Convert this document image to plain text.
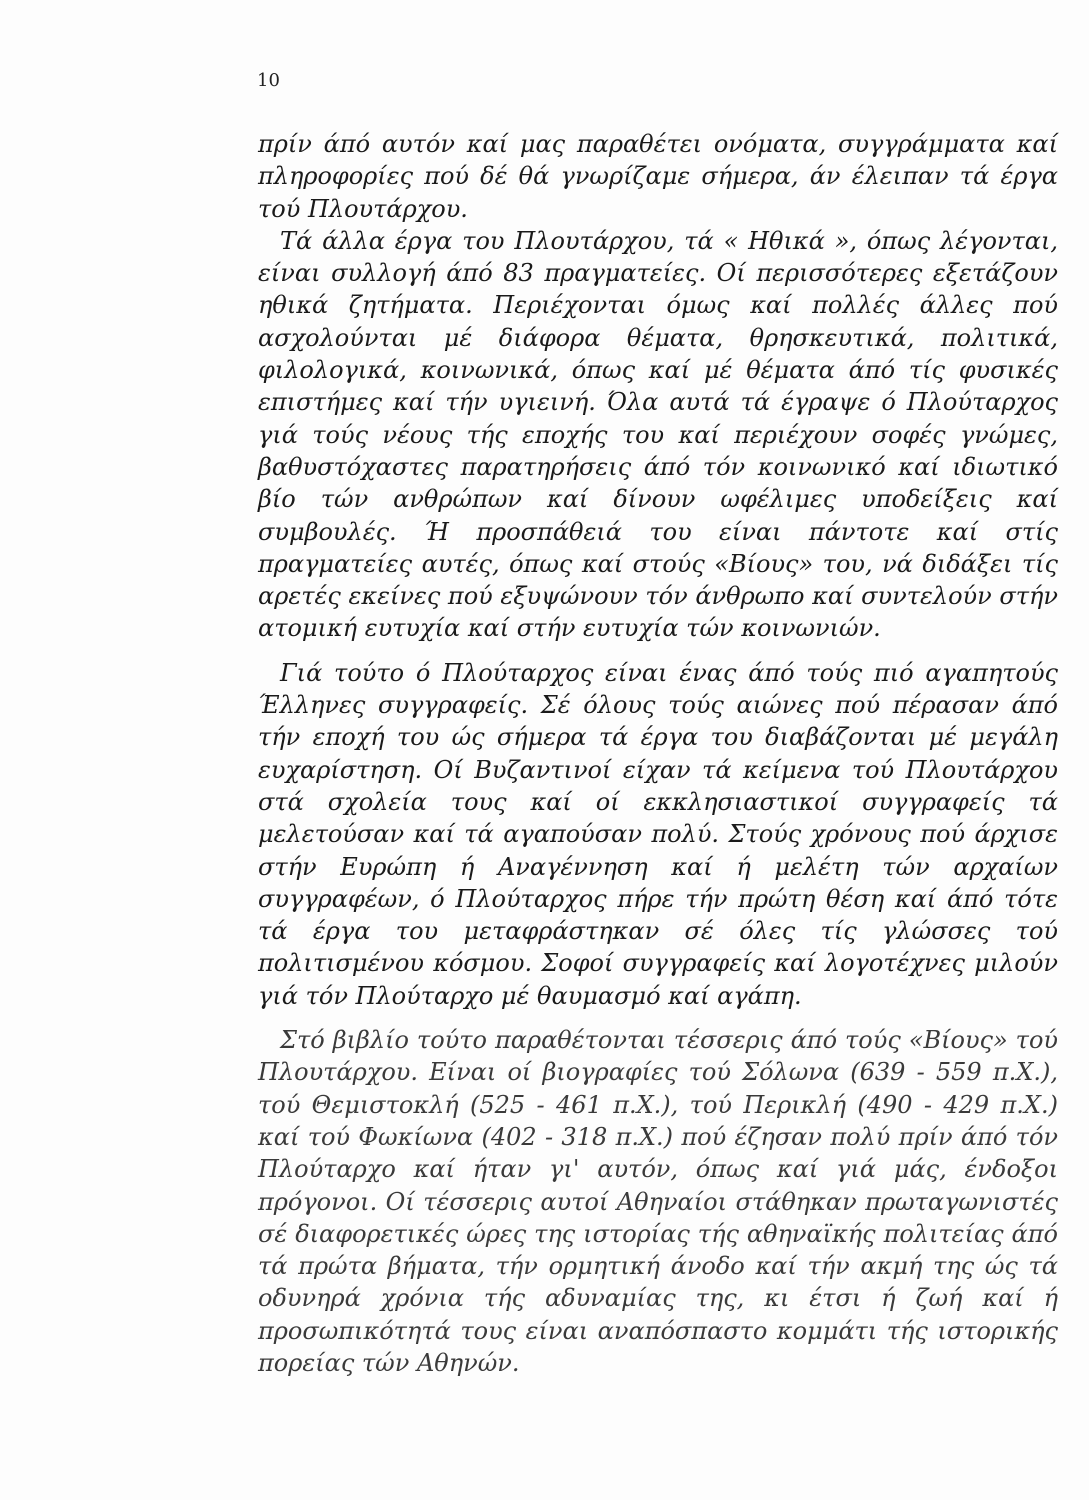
10

πρίν άπό αυτόν καί μας παραθέτει ονόματα, συγγράμματα καί πληροφορίες πού δέ θά γνωρίζαμε σήμερα, άν έλειπαν τά έργα τού Πλουτάρχου.

Τά άλλα έργα του Πλουτάρχου, τά « Ηθικά », όπως λέγονται, είναι συλλογή άπό 83 πραγματείες. Οί περισσότερες εξετάζουν ηθικά ζητήματα. Περιέχονται όμως καί πολλές άλλες πού ασχολούνται μέ διάφορα θέματα, θρησκευτικά, πολιτικά, φιλολογικά, κοινωνικά, όπως καί μέ θέματα άπό τίς φυσικές επιστήμες καί τήν υγιεινή. Όλα αυτά τά έγραψε ό Πλούταρχος γιά τούς νέους τής εποχής του καί περιέχουν σοφές γνώμες, βαθυστόχαστες παρατηρήσεις άπό τόν κοινωνικό καί ιδιωτικό βίο τών ανθρώπων καί δίνουν ωφέλιμες υποδείξεις καί συμβουλές. Ή προσπάθειά του είναι πάντοτε καί στίς πραγματείες αυτές, όπως καί στούς «Βίους» του, νά διδάξει τίς αρετές εκείνες πού εξυψώνουν τόν άνθρωπο καί συντελούν στήν ατομική ευτυχία καί στήν ευτυχία τών κοινωνιών.

Γιά τούτο ό Πλούταρχος είναι ένας άπό τούς πιό αγαπητούς Έλληνες συγγραφείς. Σέ όλους τούς αιώνες πού πέρασαν άπό τήν εποχή του ώς σήμερα τά έργα του διαβάζονται μέ μεγάλη ευχαρίστηση. Οί Βυζαντινοί είχαν τά κείμενα τού Πλουτάρχου στά σχολεία τους καί οί εκκλησιαστικοί συγγραφείς τά μελετούσαν καί τά αγαπούσαν πολύ. Στούς χρόνους πού άρχισε στήν Ευρώπη ή Αναγέννηση καί ή μελέτη τών αρχαίων συγγραφέων, ό Πλούταρχος πήρε τήν πρώτη θέση καί άπό τότε τά έργα του μεταφράστηκαν σέ όλες τίς γλώσσες τού πολιτισμένου κόσμου. Σοφοί συγγραφείς καί λογοτέχνες μιλούν γιά τόν Πλούταρχο μέ θαυμασμό καί αγάπη.

Στό βιβλίο τούτο παραθέτονται τέσσερις άπό τούς «Βίους» τού Πλουτάρχου. Είναι οί βιογραφίες τού Σόλωνα (639 - 559 π.Χ.), τού Θεμιστοκλή (525 - 461 π.Χ.), τού Περικλή (490 - 429 π.Χ.) καί τού Φωκίωνα (402 - 318 π.Χ.) πού έζησαν πολύ πρίν άπό τόν Πλούταρχο καί ήταν γι' αυτόν, όπως καί γιά μάς, ένδοξοι πρόγονοι. Οί τέσσερις αυτοί Αθηναίοι στάθηκαν πρωταγωνιστές σέ διαφορετικές ώρες της ιστορίας τής αθηναϊκής πολιτείας άπό τά πρώτα βήματα, τήν ορμητική άνοδο καί τήν ακμή της ώς τά οδυνηρά χρόνια τής αδυναμίας της, κι έτσι ή ζωή καί ή προσωπικότητά τους είναι αναπόσπαστο κομμάτι τής ιστορικής πορείας τών Αθηνών.
